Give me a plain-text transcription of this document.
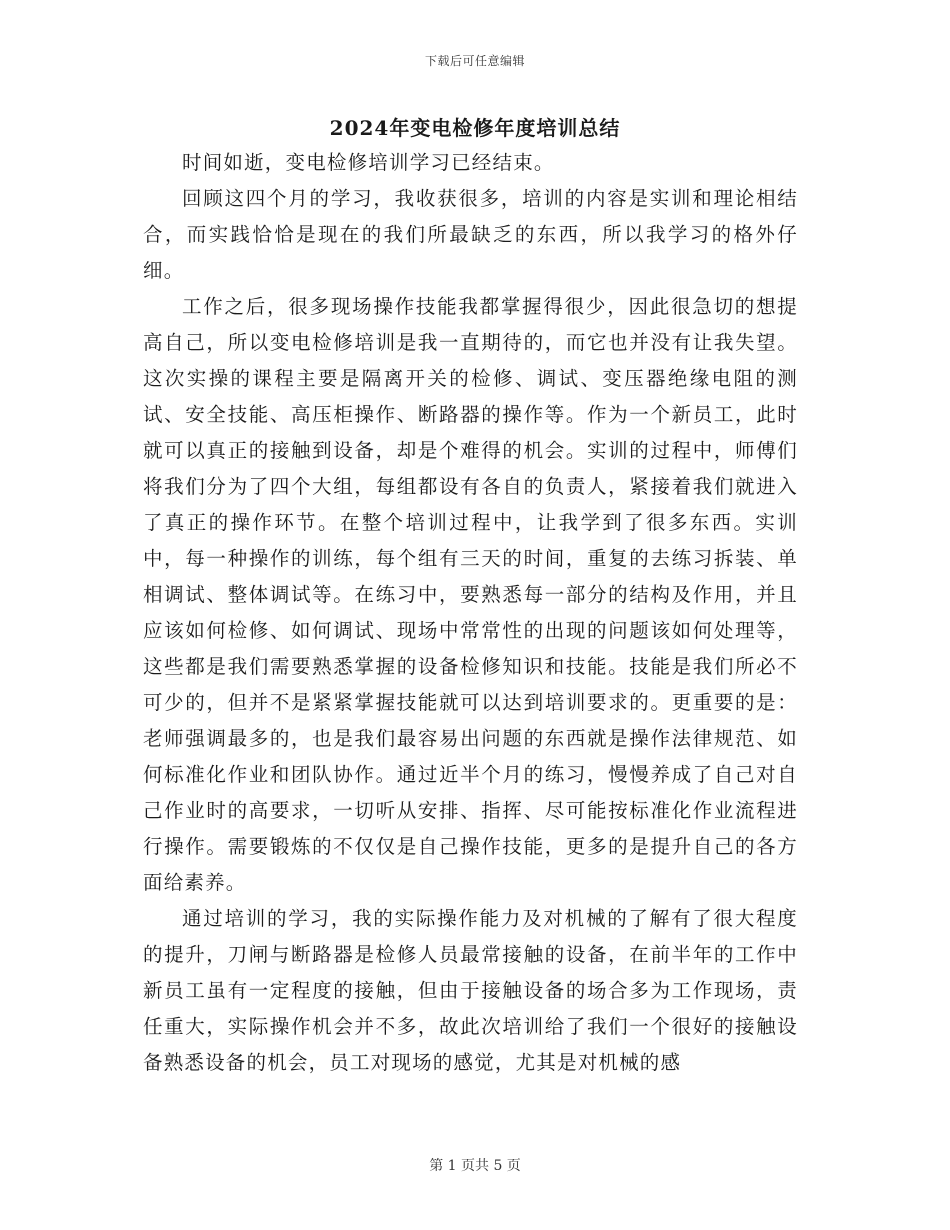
下载后可任意编辑
2024年变电检修年度培训总结

时间如逝，变电检修培训学习已经结束。

回顾这四个月的学习，我收获很多，培训的内容是实训和理论相结合，而实践恰恰是现在的我们所最缺乏的东西，所以我学习的格外仔细。

工作之后，很多现场操作技能我都掌握得很少，因此很急切的想提高自己，所以变电检修培训是我一直期待的，而它也并没有让我失望。这次实操的课程主要是隔离开关的检修、调试、变压器绝缘电阻的测试、安全技能、高压柜操作、断路器的操作等。作为一个新员工，此时就可以真正的接触到设备，却是个难得的机会。实训的过程中，师傅们将我们分为了四个大组，每组都设有各自的负责人，紧接着我们就进入了真正的操作环节。在整个培训过程中，让我学到了很多东西。实训中，每一种操作的训练，每个组有三天的时间，重复的去练习拆装、单相调试、整体调试等。在练习中，要熟悉每一部分的结构及作用，并且应该如何检修、如何调试、现场中常常性的出现的问题该如何处理等，这些都是我们需要熟悉掌握的设备检修知识和技能。技能是我们所必不可少的，但并不是紧紧掌握技能就可以达到培训要求的。更重要的是：老师强调最多的，也是我们最容易出问题的东西就是操作法律规范、如何标准化作业和团队协作。通过近半个月的练习，慢慢养成了自己对自己作业时的高要求，一切听从安排、指挥、尽可能按标准化作业流程进行操作。需要锻炼的不仅仅是自己操作技能，更多的是提升自己的各方面给素养。

通过培训的学习，我的实际操作能力及对机械的了解有了很大程度的提升，刀闸与断路器是检修人员最常接触的设备，在前半年的工作中新员工虽有一定程度的接触，但由于接触设备的场合多为工作现场，责任重大，实际操作机会并不多，故此次培训给了我们一个很好的接触设备熟悉设备的机会，员工对现场的感觉，尤其是对机械的感

第 1 页共 5 页
